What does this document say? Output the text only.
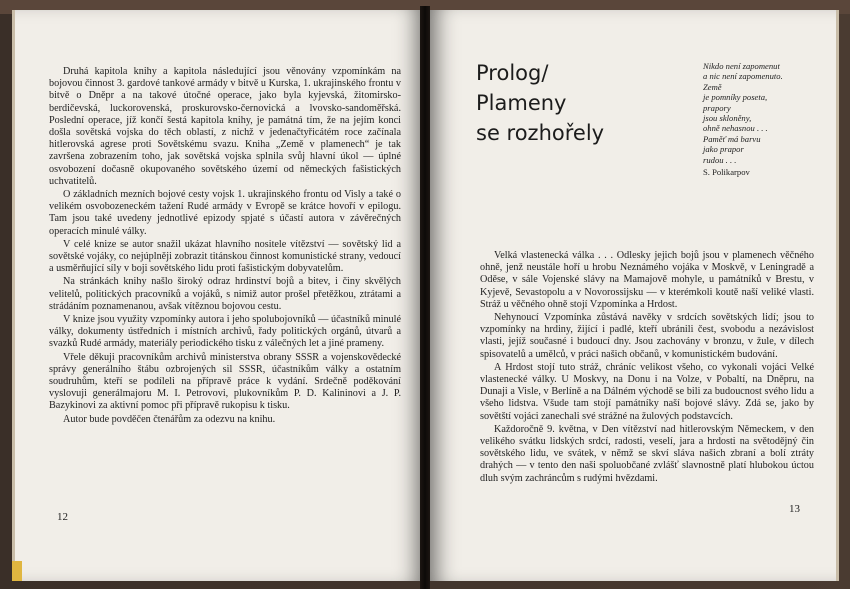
Druhá kapitola knihy a kapitola následující jsou věnovány vzpomínkám na bojovou činnost 3. gardové tankové armády v bitvě u Kurska, 1. ukrajinského frontu v bitvě o Dněpr a na takové útočné operace, jako byla kyjevská, žitomirsko-berdičevská, luckorovenská, proskurovsko-černovická a lvovsko-sandoměřská. Poslední operace, jíž končí šestá kapitola knihy, je památná tím, že na jejím konci došla sovětská vojska do těch oblastí, z nichž v jedenačtyřicátém roce začínala hitlerovská agrese proti Sovětskému svazu. Kniha „Země v plamenech“ je tak završena zobrazením toho, jak sovětská vojska splnila svůj hlavní úkol — úplné osvobození dočasně okupovaného sovětského území od německých fašistických uchvatitelů.

O základních mezních bojové cesty vojsk 1. ukrajinského frontu od Visly a také o velikém osvobozeneckém tažení Rudé armády v Evropě se krátce hovoří v epilogu. Tam jsou také uvedeny jednotlivé epizody spjaté s účastí autora v závěrečných operacích minulé války.

V celé knize se autor snažil ukázat hlavního nositele vítězství — sovětský lid a sovětské vojáky, co nejúplněji zobrazit titánskou činnost komunistické strany, vedoucí a usměrňující síly v boji sovětského lidu proti fašistickým dobyvatelům.

Na stránkách knihy našlo široký odraz hrdinství bojů a bitev, i činy skvělých velitelů, politických pracovníků a vojáků, s nimiž autor prošel přetěžkou, ztrátami a strádáním poznamenanou, avšak vítěznou bojovou cestu.

V knize jsou využity vzpomínky autora i jeho spolubojovníků — účastníků minulé války, dokumenty ústředních i místních archivů, řady politických orgánů, útvarů a svazků Rudé armády, materiály periodického tisku z válečných let a jiné prameny.

Vřele děkuji pracovníkům archivů ministerstva obrany SSSR a vojenskovědecké správy generálního štábu ozbrojených sil SSSR, účastníkům války a ostatním soudruhům, kteří se podíleli na přípravě práce k vydání. Srdečně poděkování vyslovuji generálmajoru M. I. Petrovovi, plukovníkům P. D. Kalininovi a J. P. Bazykinovi za aktivní pomoc při přípravě rukopisu k tisku.

Autor bude povděčen čtenářům za odezvu na knihu.

12
Prolog/
Plameny
se rozhořely
Nikdo není zapomenut
a nic není zapomenuto.
Země
je pomníky poseta,
prapory
jsou skloněny,
ohně nehasnou . . .
Paměť má barvu
jako prapor
rudou . . .
S. Polikarpov

Velká vlastenecká válka . . . Odlesky jejich bojů jsou v plamenech věčného ohně, jenž neustále hoří u hrobu Neznámého vojáka v Moskvě, v Leningradě a Oděse, v sále Vojenské slávy na Mamajově mohyle, u památníků v Brestu, v Kyjevě, Sevastopolu a v Novorossijsku — v kterémkoli koutě naší veliké vlasti. Stráž u věčného ohně stojí Vzpomínka a Hrdost.

Nehynoucí Vzpomínka zůstává navěky v srdcích sovětských lidí; jsou to vzpomínky na hrdiny, žijící i padlé, kteří ubránili čest, svobodu a nezávislost vlasti, jejíž současné i budoucí dny. Jsou zachovány v bronzu, v žule, v dílech spisovatelů a umělců, v práci našich občanů, v komunistickém budování.

A Hrdost stojí tuto stráž, chráníc velikost všeho, co vykonali vojáci Velké vlastenecké války. U Moskvy, na Donu i na Volze, v Pobaltí, na Dněpru, na Dunaji a Visle, v Berlíně a na Dálném východě se bili za budoucnost svého lidu a všeho lidstva. Všude tam stojí památníky naší bojové slávy. Zdá se, jako by sovětští vojáci zanechali své strážné na žulových podstavcích.

Každoročně 9. května, v Den vítězství nad hitlerovským Německem, v den velikého svátku lidských srdcí, radosti, veselí, jara a hrdosti na světodějný čin sovětského lidu, ve svátek, v němž se skví sláva našich zbraní a bolí ztráty drahých — v tento den naši spoluobčané zvlášť slavnostně platí hlubokou úctou dluh svým zachráncům s rudými hvězdami.

13
